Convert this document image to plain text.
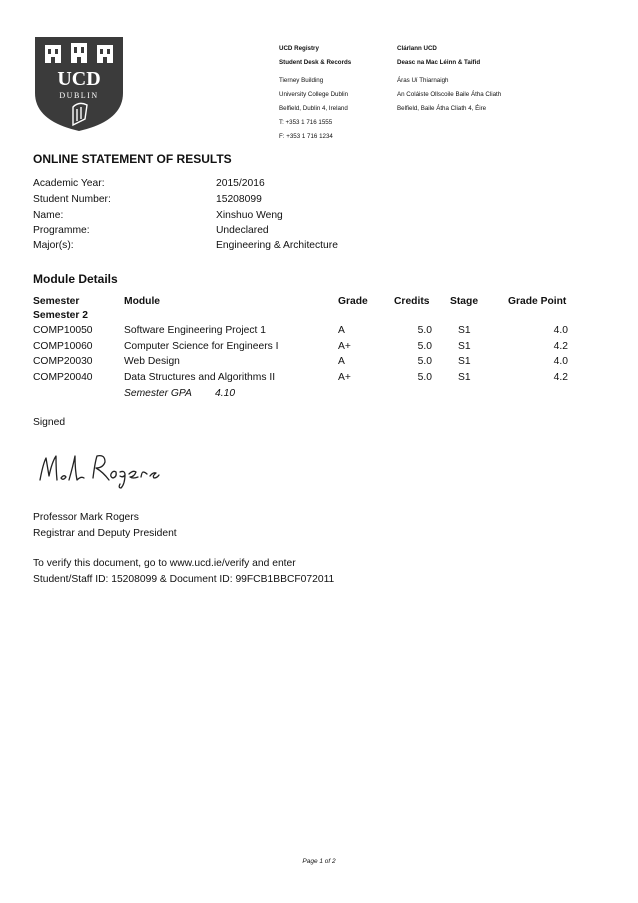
UCD
DUBLIN
UCD Registry
Student Desk & Records
Tierney Building
University College Dublin
Belfield, Dublin 4, Ireland
T: +353 1 716 1555
F: +353 1 716 1234
Clárlann UCD
Deasc na Mac Léinn & Taifid
Áras Uí Thiarnaigh
An Coláiste Ollscoile Baile Átha Cliath
Belfield, Baile Átha Cliath 4, Éire
ONLINE STATEMENT OF RESULTS
Academic Year:	2015/2016
Student Number:	15208099
Name:	Xinshuo Weng
Programme:	Undeclared
Major(s):	Engineering & Architecture
Module Details
Semester	Module	Grade	Credits Stage	Grade Point
Semester 2
COMP10050	Software Engineering Project 1	A	5.0	S1	4.0
COMP10060	Computer Science for Engineers I	A+	5.0	S1	4.2
COMP20030	Web Design	A	5.0	S1	4.0
COMP20040	Data Structures and Algorithms II	A+	5.0	S1	4.2
Semester GPA 4.10
Signed
Professor Mark Rogers
Registrar and Deputy President
To verify this document, go to www.ucd.ie/verify and enter
Student/Staff ID: 15208099 & Document ID: 99FCB1BBCF072011
Page 1 of 2
